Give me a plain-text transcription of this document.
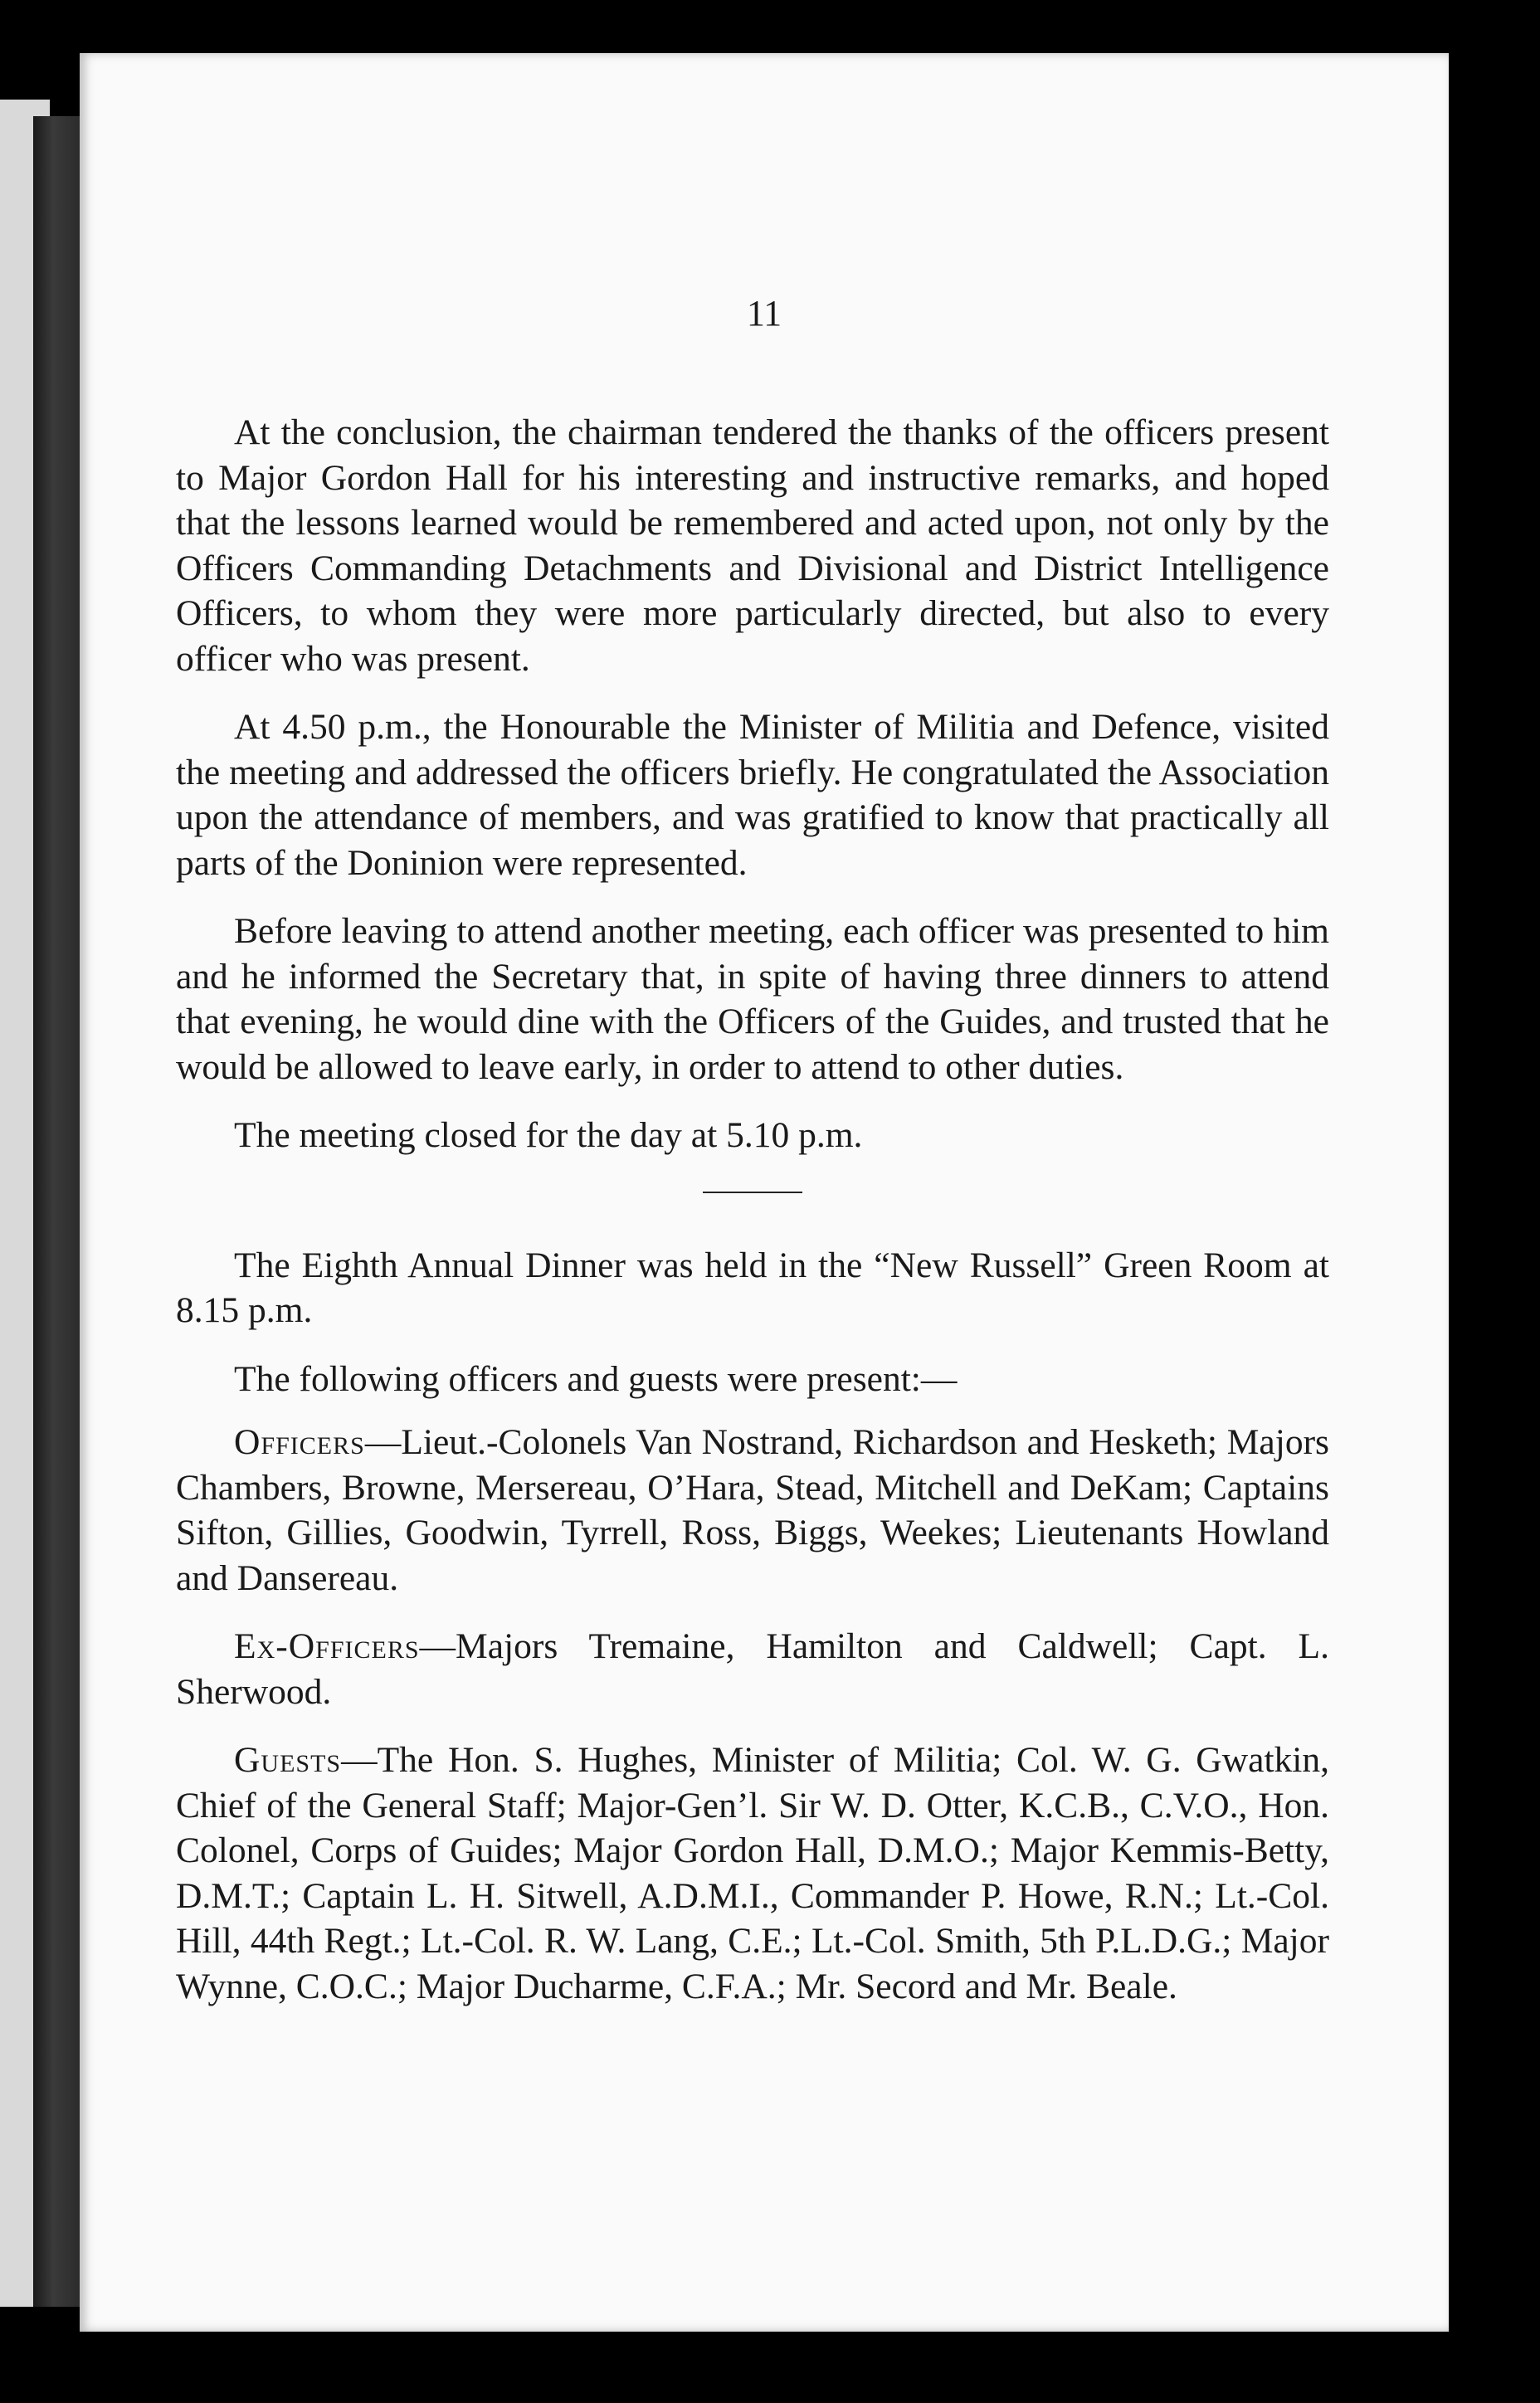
11

At the conclusion, the chairman tendered the thanks of the officers present to Major Gordon Hall for his interesting and instructive remarks, and hoped that the lessons learned would be remembered and acted upon, not only by the Officers Commanding Detachments and Divisional and District Intelligence Officers, to whom they were more particularly directed, but also to every officer who was present.

At 4.50 p.m., the Honourable the Minister of Militia and Defence, visited the meeting and addressed the officers briefly. He congratulated the Association upon the attendance of members, and was gratified to know that practically all parts of the Doninion were represented.

Before leaving to attend another meeting, each officer was presented to him and he informed the Secretary that, in spite of having three dinners to attend that evening, he would dine with the Officers of the Guides, and trusted that he would be allowed to leave early, in order to attend to other duties.

The meeting closed for the day at 5.10 p.m.

The Eighth Annual Dinner was held in the “New Russell” Green Room at 8.15 p.m.

The following officers and guests were present:—

Officers—Lieut.-Colonels Van Nostrand, Richardson and Hesketh; Majors Chambers, Browne, Mersereau, O’Hara, Stead, Mitchell and DeKam; Captains Sifton, Gillies, Goodwin, Tyrrell, Ross, Biggs, Weekes; Lieutenants Howland and Dansereau.

Ex-Officers—Majors Tremaine, Hamilton and Caldwell; Capt. L. Sherwood.

Guests—The Hon. S. Hughes, Minister of Militia; Col. W. G. Gwatkin, Chief of the General Staff; Major-Gen’l. Sir W. D. Otter, K.C.B., C.V.O., Hon. Colonel, Corps of Guides; Major Gordon Hall, D.M.O.; Major Kemmis-Betty, D.M.T.; Captain L. H. Sitwell, A.D.M.I., Commander P. Howe, R.N.; Lt.-Col. Hill, 44th Regt.; Lt.-Col. R. W. Lang, C.E.; Lt.-Col. Smith, 5th P.L.D.G.; Major Wynne, C.O.C.; Major Ducharme, C.F.A.; Mr. Secord and Mr. Beale.
